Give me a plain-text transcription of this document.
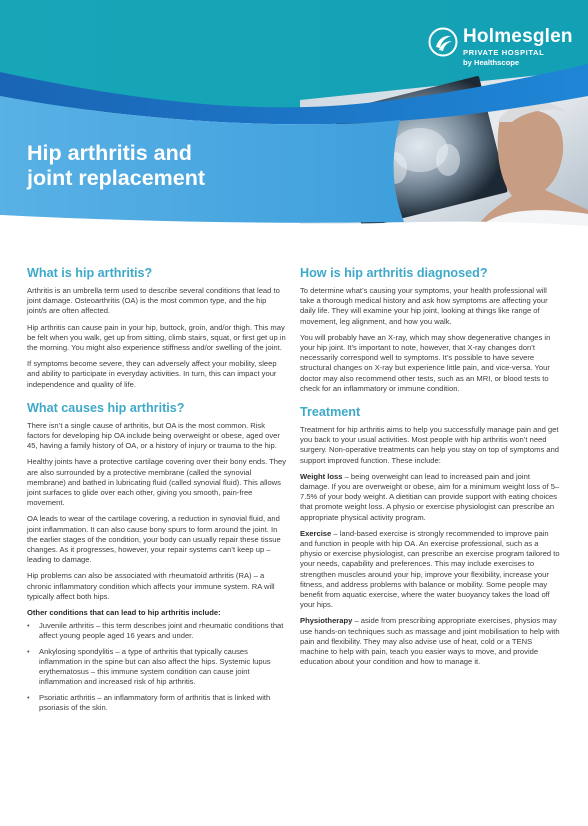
Holmesglen
PRIVATE HOSPITAL
by Healthscope
Hip arthritis and
joint replacement
What is hip arthritis?

Arthritis is an umbrella term used to describe several conditions that lead to joint damage. Osteoarthritis (OA) is the most common type, and the hip joint/s are often affected.

Hip arthritis can cause pain in your hip, buttock, groin, and/or thigh. This may be felt when you walk, get up from sitting, climb stairs, squat, or first get up in the morning. You might also experience stiffness and/or swelling of the joint.

If symptoms become severe, they can adversely affect your mobility, sleep and ability to participate in everyday activities. In turn, this can impact your independence and quality of life.

What causes hip arthritis?

There isn’t a single cause of arthritis, but OA is the most common. Risk factors for developing hip OA include being overweight or obese, aged over 45, having a family history of OA, or a history of injury or trauma to the hip.

Healthy joints have a protective cartilage covering over their bony ends. They are also surrounded by a protective membrane (called the synovial membrane) and bathed in lubricating fluid (called synovial fluid). This allows joint surfaces to glide over each other, giving you smooth, pain-free movement.

OA leads to wear of the cartilage covering, a reduction in synovial fluid, and joint inflammation. It can also cause bony spurs to form around the joint. In the earlier stages of the condition, your body can usually repair these tissue changes. As it progresses, however, your repair systems can’t keep up – leading to damage.

Hip problems can also be associated with rheumatoid arthritis (RA) – a chronic inflammatory condition which affects your immune system. RA will typically affect both hips.

Other conditions that can lead to hip arthritis include:
• Juvenile arthritis – this term describes joint and rheumatic conditions that affect young people aged 16 years and under.
• Ankylosing spondylitis – a type of arthritis that typically causes inflammation in the spine but can also affect the hips. Systemic lupus erythematosus – this immune system condition can cause joint inflammation and increased risk of hip arthritis.
• Psoriatic arthritis – an inflammatory form of arthritis that is linked with psoriasis of the skin.
How is hip arthritis diagnosed?

To determine what’s causing your symptoms, your health professional will take a thorough medical history and ask how symptoms are affecting your daily life. They will examine your hip joint, looking at things like range of movement, leg alignment, and how you walk.

You will probably have an X-ray, which may show degenerative changes in your hip joint. It’s important to note, however, that X-ray changes don’t necessarily correspond well to symptoms. It’s possible to have severe structural changes on X-ray but experience little pain, and vice-versa. Your doctor may also recommend other tests, such as an MRI, or blood tests to check for an inflammatory or immune condition.

Treatment

Treatment for hip arthritis aims to help you successfully manage pain and get you back to your usual activities. Most people with hip arthritis won’t need surgery. Non-operative treatments can help you stay on top of symptoms and support improved function. These include:

Weight loss – being overweight can lead to increased pain and joint damage. If you are overweight or obese, aim for a minimum weight loss of 5–7.5% of your body weight. A dietitian can provide support with eating choices that promote weight loss. A physio or exercise physiologist can prescribe an appropriate physical activity program.

Exercise – land-based exercise is strongly recommended to improve pain and function in people with hip OA. An exercise professional, such as a physio or exercise physiologist, can prescribe an exercise program tailored to your needs, capability and preferences. This may include exercises to strengthen muscles around your hip, improve your flexibility, increase your fitness, and address problems with balance or mobility. Some people may benefit from aquatic exercise, where the water buoyancy takes the load off your hips.

Physiotherapy – aside from prescribing appropriate exercises, physios may use hands-on techniques such as massage and joint mobilisation to help with pain and flexibility. They may also advise use of heat, cold or a TENS machine to help with pain, teach you easier ways to move, and provide education about your condition and how to manage it.
